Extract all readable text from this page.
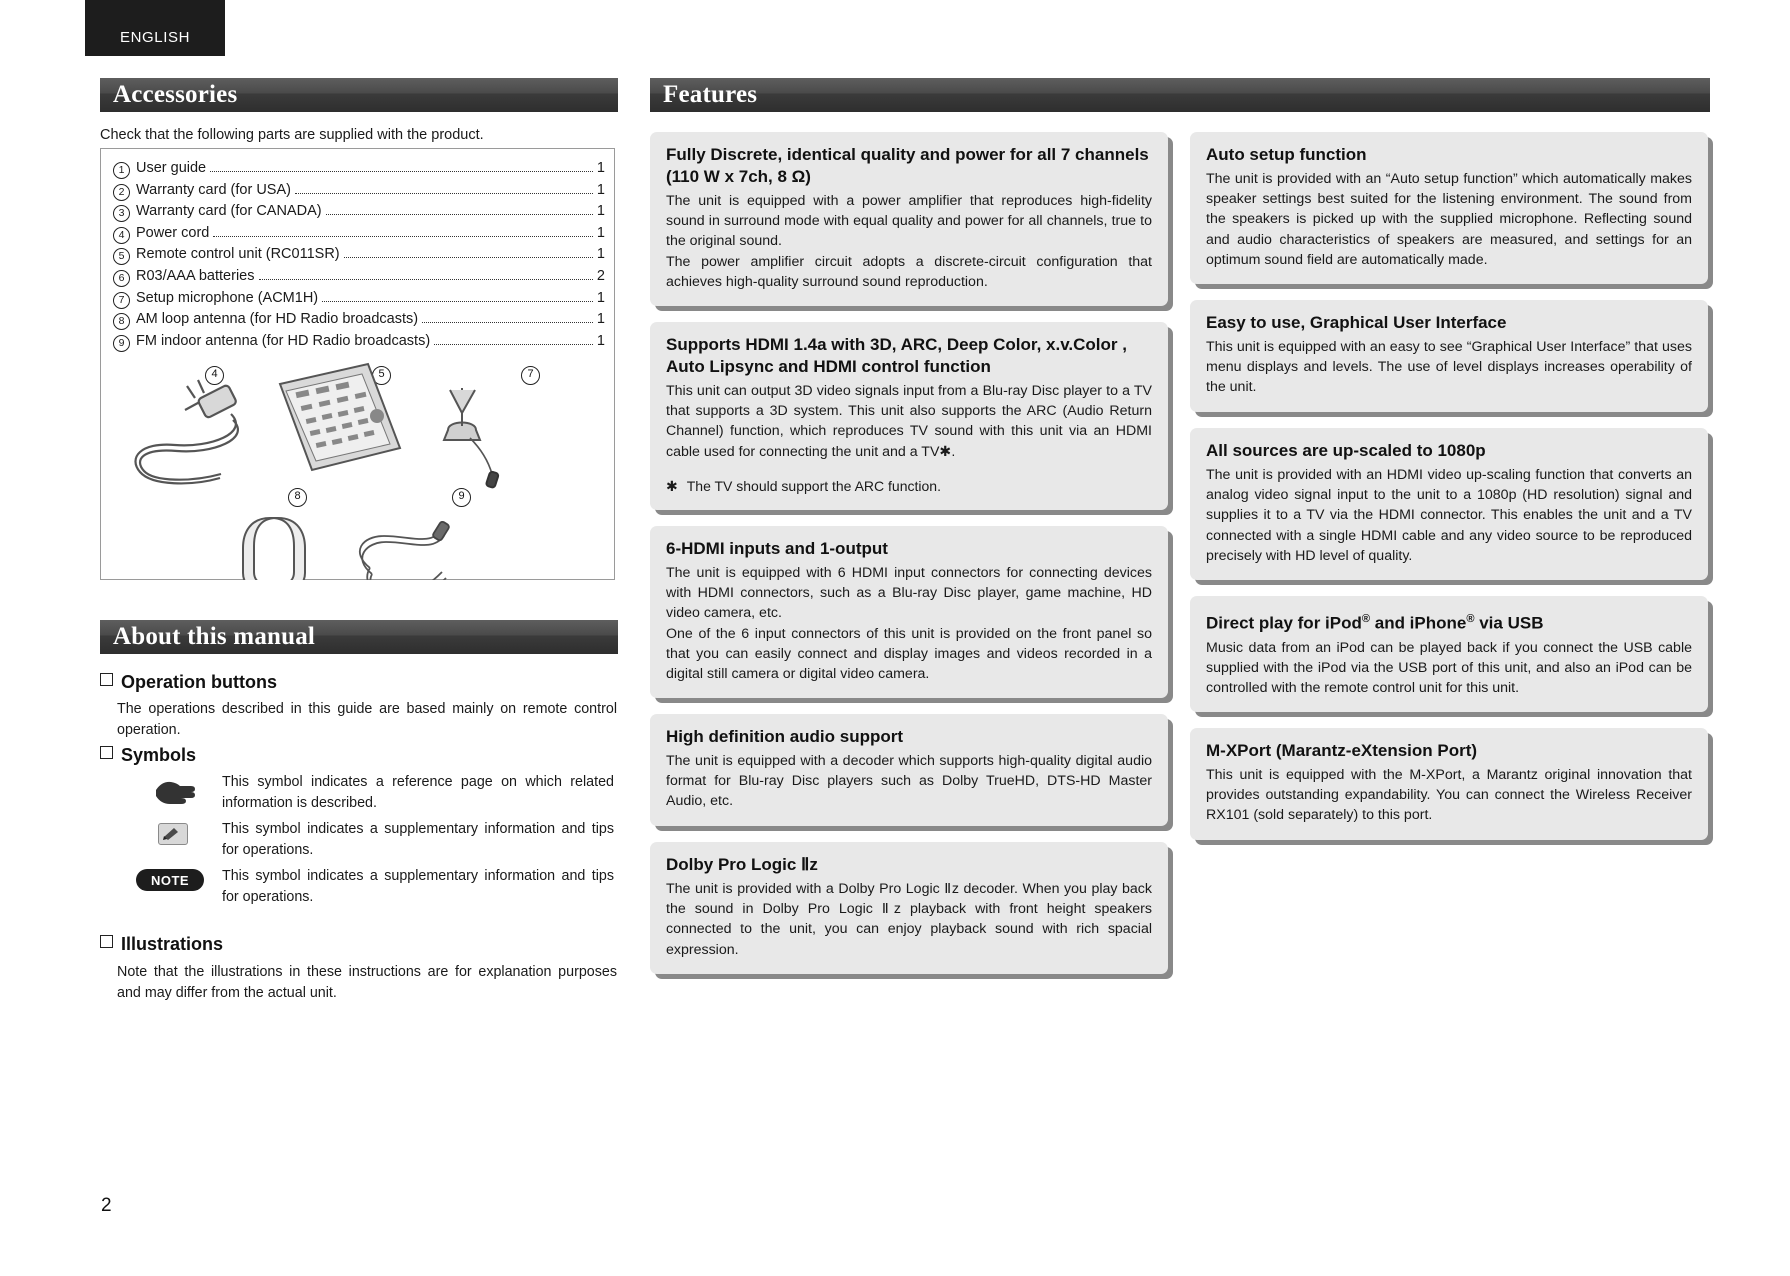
ENGLISH
Accessories
Check that the following parts are supplied with the product.
1 User guide	1
2 Warranty card (for USA)	1
3 Warranty card (for CANADA)	1
4 Power cord	1
5 Remote control unit (RC011SR)	1
6 R03/AAA batteries	2
7 Setup microphone (ACM1H)	1
8 AM loop antenna (for HD Radio broadcasts)	1
9 FM indoor antenna (for HD Radio broadcasts)	1
4	5	7
8	9
About this manual
Operation buttons
The operations described in this guide are based mainly on remote control operation.
Symbols
This symbol indicates a reference page on which related information is described.
This symbol indicates a supplementary information and tips for operations.
NOTE	This symbol indicates a supplementary information and tips for operations.
Illustrations
Note that the illustrations in these instructions are for explanation purposes and may differ from the actual unit.
Features
Fully Discrete, identical quality and power for all 7 channels (110 W x 7ch, 8 Ω)

The unit is equipped with a power amplifier that reproduces high-fidelity sound in surround mode with equal quality and power for all channels, true to the original sound.

The power amplifier circuit adopts a discrete-circuit configuration that achieves high-quality surround sound reproduction.

Supports HDMI 1.4a with 3D, ARC, Deep Color, x.v.Color , Auto Lipsync and HDMI control function

This unit can output 3D video signals input from a Blu-ray Disc player to a TV that supports a 3D system. This unit also supports the ARC (Audio Return Channel) function, which reproduces TV sound with this unit via an HDMI cable used for connecting the unit and a TV✱.

✱ The TV should support the ARC function.
6-HDMI inputs and 1-output

The unit is equipped with 6 HDMI input connectors for connecting devices with HDMI connectors, such as a Blu-ray Disc player, game machine, HD video camera, etc.

One of the 6 input connectors of this unit is provided on the front panel so that you can easily connect and display images and videos recorded in a digital still camera or digital video camera.

High definition audio support

The unit is equipped with a decoder which supports high-quality digital audio format for Blu-ray Disc players such as Dolby TrueHD, DTS-HD Master Audio, etc.

Dolby Pro Logic Ⅱz

The unit is provided with a Dolby Pro Logic Ⅱz decoder. When you play back the sound in Dolby Pro Logic Ⅱz playback with front height speakers connected to the unit, you can enjoy playback sound with rich spacial expression.

Auto setup function

The unit is provided with an “Auto setup function” which automatically makes speaker settings best suited for the listening environment. The sound from the speakers is picked up with the supplied microphone. Reflecting sound and audio characteristics of speakers are measured, and settings for an optimum sound field are automatically made.

Easy to use, Graphical User Interface

This unit is equipped with an easy to see “Graphical User Interface” that uses menu displays and levels. The use of level displays increases operability of the unit.

All sources are up-scaled to 1080p

The unit is provided with an HDMI video up-scaling function that converts an analog video signal input to the unit to a 1080p (HD resolution) signal and supplies it to a TV via the HDMI connector. This enables the unit and a TV connected with a single HDMI cable and any video source to be reproduced precisely with HD level of quality.

Direct play for iPod® and iPhone® via USB

Music data from an iPod can be played back if you connect the USB cable supplied with the iPod via the USB port of this unit, and also an iPod can be controlled with the remote control unit for this unit.

M-XPort (Marantz-eXtension Port)

This unit is equipped with the M-XPort, a Marantz original innovation that provides outstanding expandability. You can connect the Wireless Receiver RX101 (sold separately) to this port.

2
